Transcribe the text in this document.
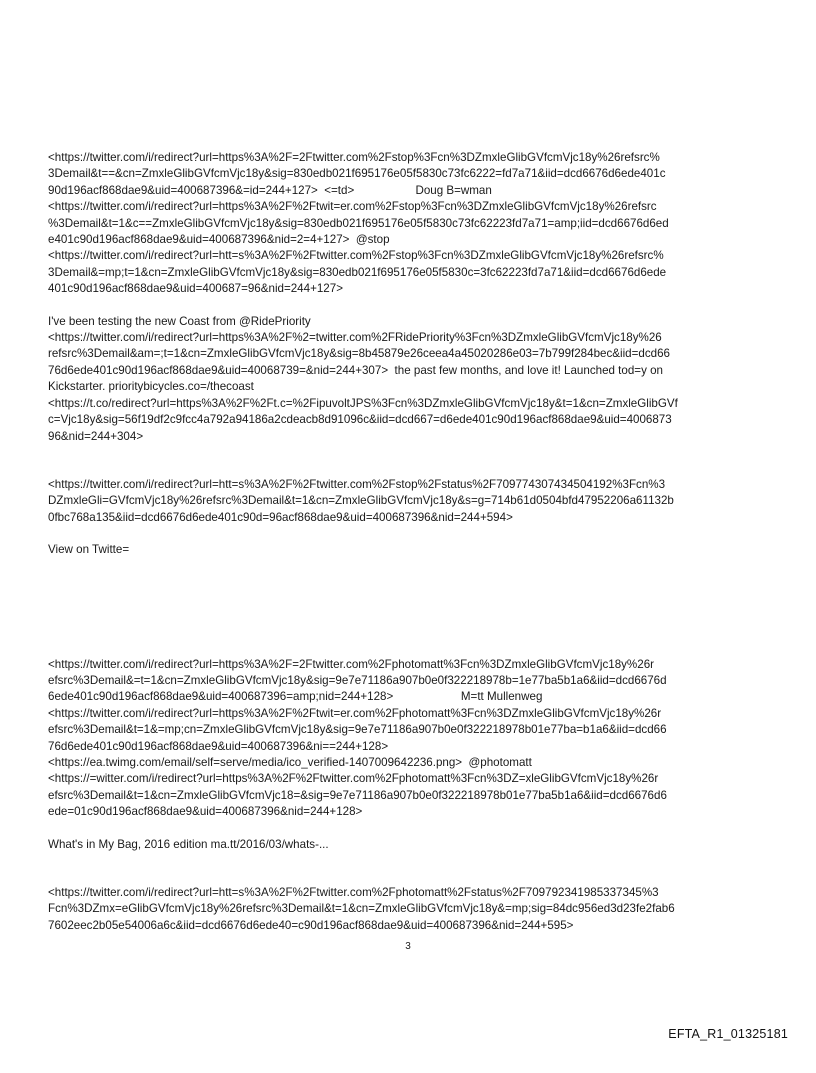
<https://twitter.com/i/redirect?url=https%3A%2F=2Ftwitter.com%2Fstop%3Fcn%3DZmxleGlibGVfcmVjc18y%26refsrc%
3Demail&t==&cn=ZmxleGlibGVfcmVjc18y&sig=830edb021f695176e05f5830c73fc6222=fd7a71&iid=dcd6676d6ede401c
90d196acf868dae9&uid=400687396&=id=244+127>  <=td>                   Doug B=wman
<https://twitter.com/i/redirect?url=https%3A%2F%2Ftwit=er.com%2Fstop%3Fcn%3DZmxleGlibGVfcmVjc18y%26refsrc
%3Demail&t=1&c==ZmxleGlibGVfcmVjc18y&sig=830edb021f695176e05f5830c73fc62223fd7a71=amp;iid=dcd6676d6ed
e401c90d196acf868dae9&uid=400687396&nid=2=4+127>  @stop
<https://twitter.com/i/redirect?url=htt=s%3A%2F%2Ftwitter.com%2Fstop%3Fcn%3DZmxleGlibGVfcmVjc18y%26refsrc%
3Demail&=mp;t=1&cn=ZmxleGlibGVfcmVjc18y&sig=830edb021f695176e05f5830c=3fc62223fd7a71&iid=dcd6676d6ede
401c90d196acf868dae9&uid=400687=96&nid=244+127>
I've been testing the new Coast from @RidePriority
<https://twitter.com/i/redirect?url=https%3A%2F%2=twitter.com%2FRidePriority%3Fcn%3DZmxleGlibGVfcmVjc18y%26
refsrc%3Demail&am=;t=1&cn=ZmxleGlibGVfcmVjc18y&sig=8b45879e26ceea4a45020286e03=7b799f284bec&iid=dcd66
76d6ede401c90d196acf868dae9&uid=40068739=&nid=244+307>  the past few months, and love it! Launched tod=y on
Kickstarter. prioritybicycles.co=/thecoast
<https://t.co/redirect?url=https%3A%2F%2Ft.c=%2FipuvoltJPS%3Fcn%3DZmxleGlibGVfcmVjc18y&t=1&cn=ZmxleGlibGVf
c=Vjc18y&sig=56f19df2c9fcc4a792a94186a2cdeacb8d91096c&iid=dcd667=d6ede401c90d196acf868dae9&uid=4006873
96&nid=244+304>
<https://twitter.com/i/redirect?url=htt=s%3A%2F%2Ftwitter.com%2Fstop%2Fstatus%2F709774307434504192%3Fcn%3
DZmxleGli=GVfcmVjc18y%26refsrc%3Demail&t=1&cn=ZmxleGlibGVfcmVjc18y&s=g=714b61d0504bfd47952206a61132b
0fbc768a135&iid=dcd6676d6ede401c90d=96acf868dae9&uid=400687396&nid=244+594>
View on Twitte=
<https://twitter.com/i/redirect?url=https%3A%2F=2Ftwitter.com%2Fphotomatt%3Fcn%3DZmxleGlibGVfcmVjc18y%26r
efsrc%3Demail&=t=1&cn=ZmxleGlibGVfcmVjc18y&sig=9e7e71186a907b0e0f322218978b=1e77ba5b1a6&iid=dcd6676d
6ede401c90d196acf868dae9&uid=400687396=amp;nid=244+128>                     M=tt Mullenweg
<https://twitter.com/i/redirect?url=https%3A%2F%2Ftwit=er.com%2Fphotomatt%3Fcn%3DZmxleGlibGVfcmVjc18y%26r
efsrc%3Demail&t=1&=mp;cn=ZmxleGlibGVfcmVjc18y&sig=9e7e71186a907b0e0f322218978b01e77ba=b1a6&iid=dcd66
76d6ede401c90d196acf868dae9&uid=400687396&ni==244+128>
<https://ea.twimg.com/email/self=serve/media/ico_verified-1407009642236.png>  @photomatt
<https://=witter.com/i/redirect?url=https%3A%2F%2Ftwitter.com%2Fphotomatt%3Fcn%3DZ=xleGlibGVfcmVjc18y%26r
efsrc%3Demail&t=1&cn=ZmxleGlibGVfcmVjc18=&sig=9e7e71186a907b0e0f322218978b01e77ba5b1a6&iid=dcd6676d6
ede=01c90d196acf868dae9&uid=400687396&nid=244+128>
What's in My Bag, 2016 edition ma.tt/2016/03/whats-...
<https://twitter.com/i/redirect?url=htt=s%3A%2F%2Ftwitter.com%2Fphotomatt%2Fstatus%2F709792341985337345%3
Fcn%3DZmx=eGlibGVfcmVjc18y%26refsrc%3Demail&t=1&cn=ZmxleGlibGVfcmVjc18y&=mp;sig=84dc956ed3d23fe2fab6
7602eec2b05e54006a6c&iid=dcd6676d6ede40=c90d196acf868dae9&uid=400687396&nid=244+595>
3
EFTA_R1_01325181
